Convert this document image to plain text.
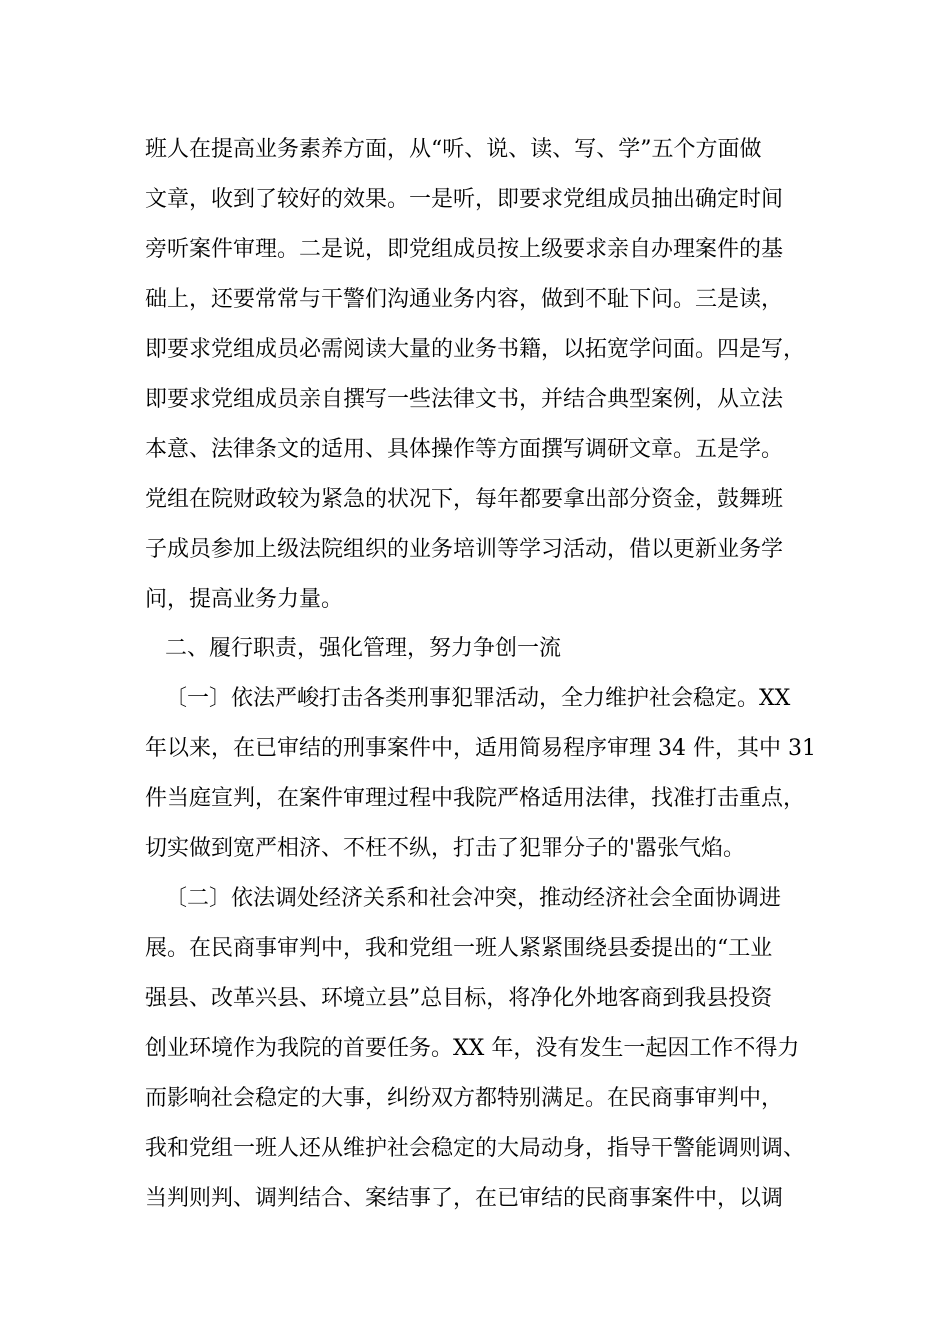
班人在提高业务素养方面，从“听、说、读、写、学”五个方面做
文章，收到了较好的效果。一是听，即要求党组成员抽出确定时间
旁听案件审理。二是说，即党组成员按上级要求亲自办理案件的基
础上，还要常常与干警们沟通业务内容，做到不耻下问。三是读，
即要求党组成员必需阅读大量的业务书籍，以拓宽学问面。四是写，
即要求党组成员亲自撰写一些法律文书，并结合典型案例，从立法
本意、法律条文的适用、具体操作等方面撰写调研文章。五是学。
党组在院财政较为紧急的状况下，每年都要拿出部分资金，鼓舞班
子成员参加上级法院组织的业务培训等学习活动，借以更新业务学
问，提高业务力量。
二、履行职责，强化管理，努力争创一流
〔一〕依法严峻打击各类刑事犯罪活动，全力维护社会稳定。XX
年以来，在已审结的刑事案件中，适用简易程序审理 34 件，其中 31
件当庭宣判，在案件审理过程中我院严格适用法律，找准打击重点，
切实做到宽严相济、不枉不纵，打击了犯罪分子的'嚣张气焰。
〔二〕依法调处经济关系和社会冲突，推动经济社会全面协调进
展。在民商事审判中，我和党组一班人紧紧围绕县委提出的“工业
强县、改革兴县、环境立县”总目标，将净化外地客商到我县投资
创业环境作为我院的首要任务。XX 年，没有发生一起因工作不得力
而影响社会稳定的大事，纠纷双方都特别满足。在民商事审判中，
我和党组一班人还从维护社会稳定的大局动身，指导干警能调则调、
当判则判、调判结合、案结事了，在已审结的民商事案件中，以调
